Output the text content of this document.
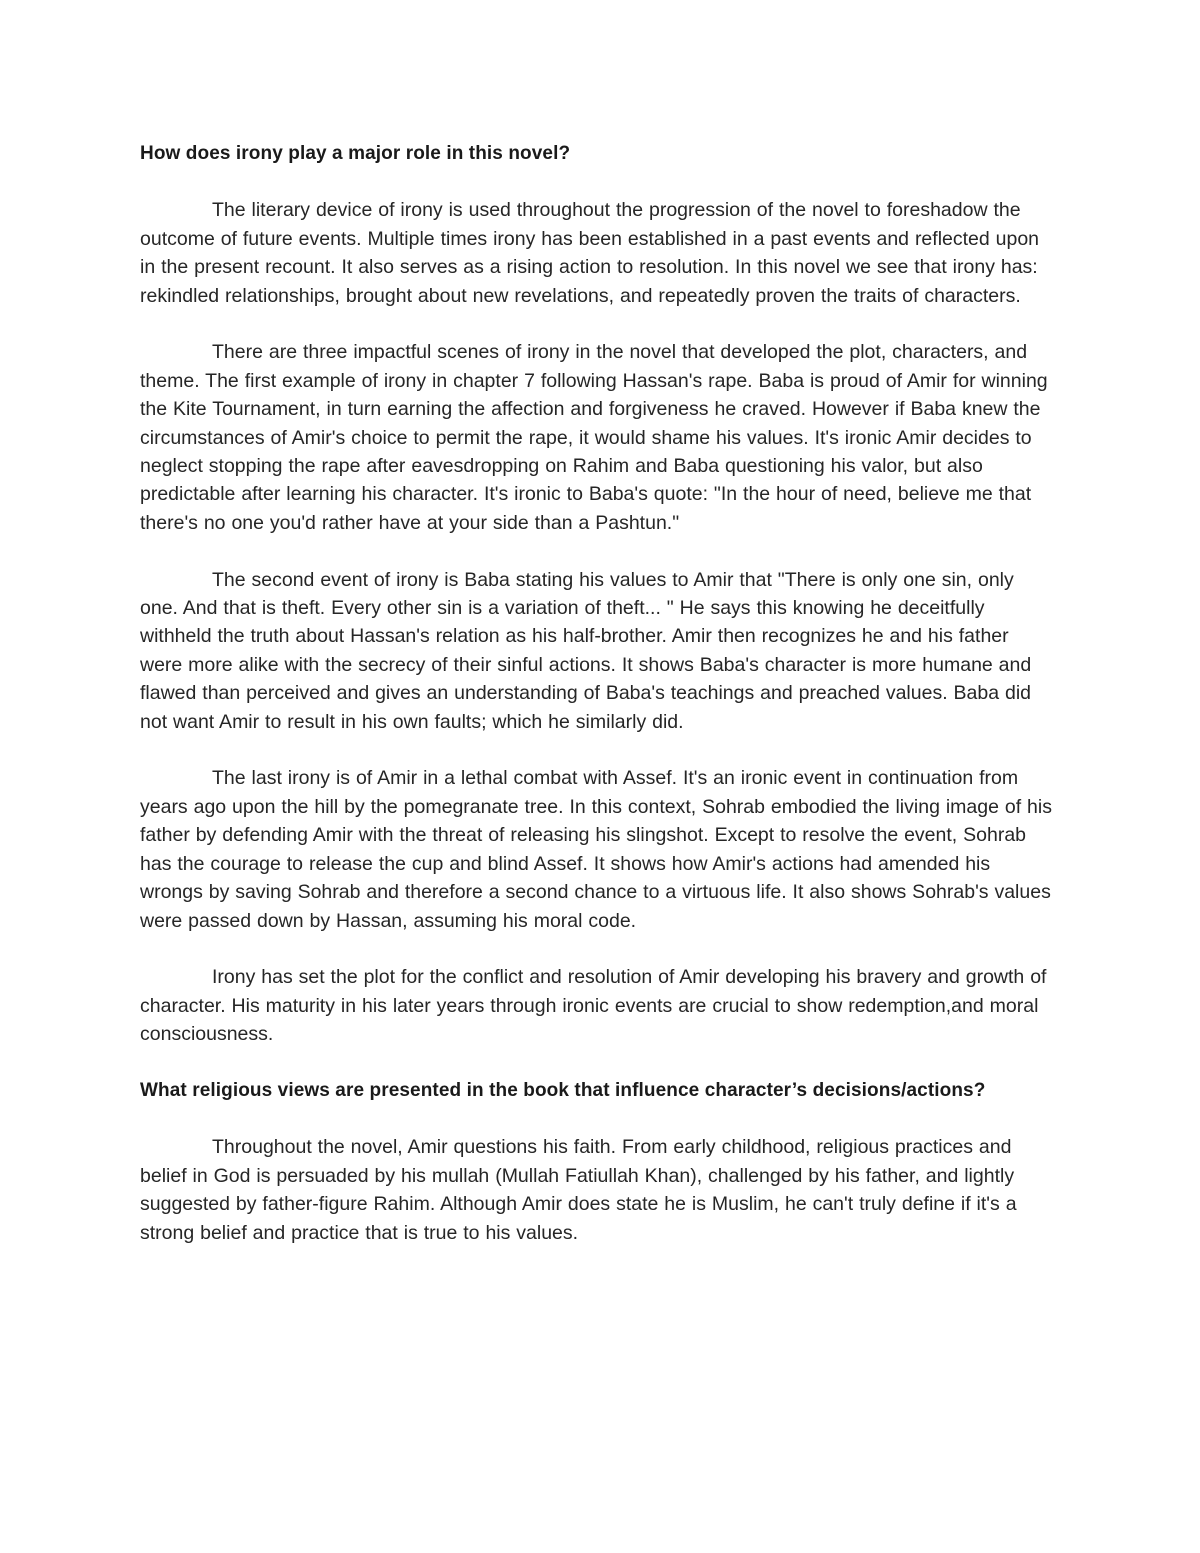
How does irony play a major role in this novel?

The literary device of irony is used throughout the progression of the novel to foreshadow the outcome of future events. Multiple times irony has been established in a past events and reflected upon in the present recount. It also serves as a rising action to resolution. In this novel we see that irony has: rekindled relationships, brought about new revelations, and repeatedly proven the traits of characters.

There are three impactful scenes of irony in the novel that developed the plot, characters, and theme. The first example of irony in chapter 7 following Hassan's rape. Baba is proud of Amir for winning the Kite Tournament, in turn earning the affection and forgiveness he craved. However if Baba knew the circumstances of Amir's choice to permit the rape, it would shame his values. It's ironic Amir decides to neglect stopping the rape after eavesdropping on Rahim and Baba questioning his valor, but also predictable after learning his character. It's ironic to Baba's quote: "In the hour of need, believe me that there's no one you'd rather have at your side than a Pashtun."

The second event of irony is Baba stating his values to Amir that "There is only one sin, only one. And that is theft. Every other sin is a variation of theft... " He says this knowing he deceitfully withheld the truth about Hassan's relation as his half-brother. Amir then recognizes he and his father were more alike with the secrecy of their sinful actions. It shows Baba's character is more humane and flawed than perceived and gives an understanding of Baba's teachings and preached values. Baba did not want Amir to result in his own faults; which he similarly did.

The last irony is of Amir in a lethal combat with Assef. It's an ironic event in continuation from years ago upon the hill by the pomegranate tree. In this context, Sohrab embodied the living image of his father by defending Amir with the threat of releasing his slingshot. Except to resolve the event, Sohrab has the courage to release the cup and blind Assef. It shows how Amir's actions had amended his wrongs by saving Sohrab and therefore a second chance to a virtuous life. It also shows Sohrab's values were passed down by Hassan, assuming his moral code.

Irony has set the plot for the conflict and resolution of Amir developing his bravery and growth of character. His maturity in his later years through ironic events are crucial to show redemption,and moral consciousness.

What religious views are presented in the book that influence character’s decisions/actions?

Throughout the novel, Amir questions his faith. From early childhood, religious practices and belief in God is persuaded by his mullah (Mullah Fatiullah Khan), challenged by his father, and lightly suggested by father-figure Rahim. Although Amir does state he is Muslim, he can't truly define if it's a strong belief and practice that is true to his values.
